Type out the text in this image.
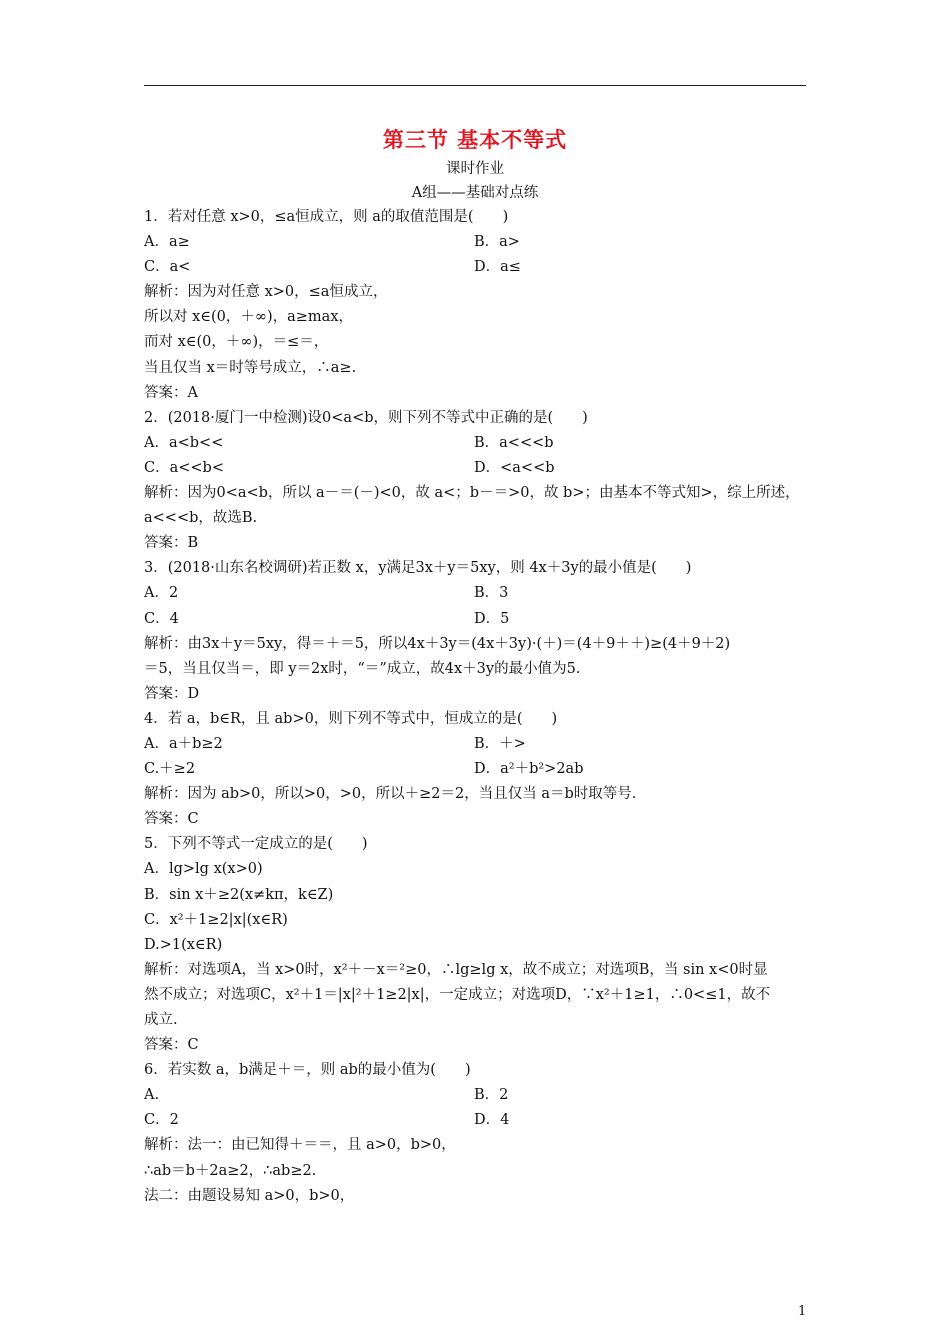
第三节 基本不等式
课时作业
A组——基础对点练
1．若对任意 x>0，≤a恒成立，则 a的取值范围是(　　)
A．a≥	B．a>
C．a<	D．a≤
解析：因为对任意 x>0，≤a恒成立，
所以对 x∈(0，＋∞)，a≥max，
而对 x∈(0，＋∞)，＝≤＝，
当且仅当 x＝时等号成立，∴a≥.
答案：A
2．(2018·厦门一中检测)设0<a<b，则下列不等式中正确的是(　　)
A．a<b<<	B．a<<<b
C．a<<b<	D．<a<<b
解析：因为0<a<b，所以 a－＝(－)<0，故 a<；b－＝>0，故 b>；由基本不等式知>，综上所述，
a<<<b，故选B.
答案：B
3．(2018·山东名校调研)若正数 x，y满足3x＋y＝5xy，则 4x＋3y的最小值是(　　)
A．2	B．3
C．4	D．5
解析：由3x＋y＝5xy，得＝＋＝5，所以4x＋3y＝(4x＋3y)·(＋)＝(4＋9＋＋)≥(4＋9＋2)
＝5，当且仅当＝，即 y＝2x时，“＝”成立，故4x＋3y的最小值为5.
答案：D
4．若 a，b∈R，且 ab>0，则下列不等式中，恒成立的是(　　)
A．a＋b≥2	B．＋>
C.＋≥2	D．a²＋b²>2ab
解析：因为 ab>0，所以>0，>0，所以＋≥2＝2，当且仅当 a＝b时取等号.
答案：C
5．下列不等式一定成立的是(　　)
A．lg>lg x(x>0)
B．sin x＋≥2(x≠kπ，k∈Z)
C．x²＋1≥2|x|(x∈R)
D.>1(x∈R)
解析：对选项A，当 x>0时，x²＋－x＝²≥0，∴lg≥lg x，故不成立；对选项B，当 sin x<0时显
然不成立；对选项C，x²＋1＝|x|²＋1≥2|x|，一定成立；对选项D，∵x²＋1≥1，∴0<≤1，故不
成立.
答案：C
6．若实数 a，b满足＋＝，则 ab的最小值为(　　)
A.	B．2
C．2	D．4
解析：法一：由已知得＋＝＝，且 a>0，b>0，
∴ab＝b＋2a≥2，∴ab≥2.
法二：由题设易知 a>0，b>0，
1
